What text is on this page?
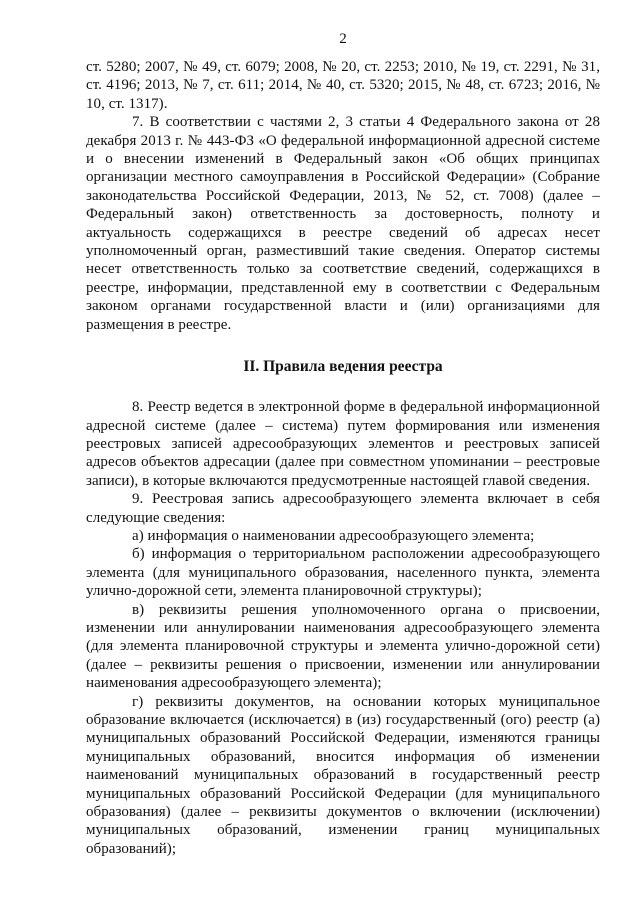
2

ст. 5280; 2007, № 49, ст. 6079; 2008, № 20, ст. 2253; 2010, № 19, ст. 2291, № 31, ст. 4196; 2013, № 7, ст. 611; 2014, № 40, ст. 5320; 2015, № 48, ст. 6723; 2016, № 10, ст. 1317).

7. В соответствии с частями 2, 3 статьи 4 Федерального закона от 28 декабря 2013 г. № 443-ФЗ «О федеральной информационной адресной системе и о внесении изменений в Федеральный закон «Об общих принципах организации местного самоуправления в Российской Федерации» (Собрание законодательства Российской Федерации, 2013, № 52, ст. 7008) (далее – Федеральный закон) ответственность за достоверность, полноту и актуальность содержащихся в реестре сведений об адресах несет уполномоченный орган, разместивший такие сведения. Оператор системы несет ответственность только за соответствие сведений, содержащихся в реестре, информации, представленной ему в соответствии с Федеральным законом органами государственной власти и (или) организациями для размещения в реестре.

II. Правила ведения реестра

8. Реестр ведется в электронной форме в федеральной информационной адресной системе (далее – система) путем формирования или изменения реестровых записей адресообразующих элементов и реестровых записей адресов объектов адресации (далее при совместном упоминании – реестровые записи), в которые включаются предусмотренные настоящей главой сведения.

9. Реестровая запись адресообразующего элемента включает в себя следующие сведения:

а) информация о наименовании адресообразующего элемента;

б) информация о территориальном расположении адресообразующего элемента (для муниципального образования, населенного пункта, элемента улично-дорожной сети, элемента планировочной структуры);

в) реквизиты решения уполномоченного органа о присвоении, изменении или аннулировании наименования адресообразующего элемента (для элемента планировочной структуры и элемента улично-дорожной сети) (далее – реквизиты решения о присвоении, изменении или аннулировании наименования адресообразующего элемента);

г) реквизиты документов, на основании которых муниципальное образование включается (исключается) в (из) государственный (ого) реестр (а) муниципальных образований Российской Федерации, изменяются границы муниципальных образований, вносится информация об изменении наименований муниципальных образований в государственный реестр муниципальных образований Российской Федерации (для муниципального образования) (далее – реквизиты документов о включении (исключении) муниципальных образований, изменении границ муниципальных образований);
